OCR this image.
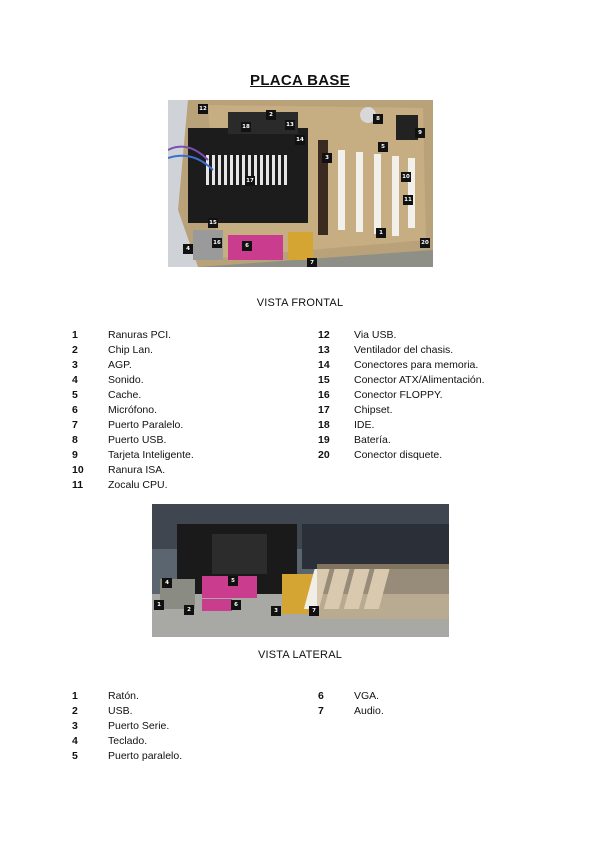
PLACA BASE
12
2
18	13
14
3
17
8
9
5
10
11
1
15
16
4	6
7
20
VISTA FRONTAL
1	Ranuras PCI.
2	Chip Lan.
3	AGP.
4	Sonido.
5	Cache.
6	Micrófono.
7	Puerto Paralelo.
8	Puerto USB.
9	Tarjeta Inteligente.
10	Ranura ISA.
11	Zocalu CPU.
12	Via USB.
13	Ventilador del chasis.
14	Conectores para memoria.
15	Conector ATX/Alimentación.
16	Conector FLOPPY.
17	Chipset.
18	IDE.
19	Batería.
20	Conector disquete.
4	5
1
2
6
3	7
VISTA LATERAL
1	Ratón.
2	USB.
3	Puerto Serie.
4	Teclado.
5	Puerto paralelo.
6	VGA.
7	Audio.
